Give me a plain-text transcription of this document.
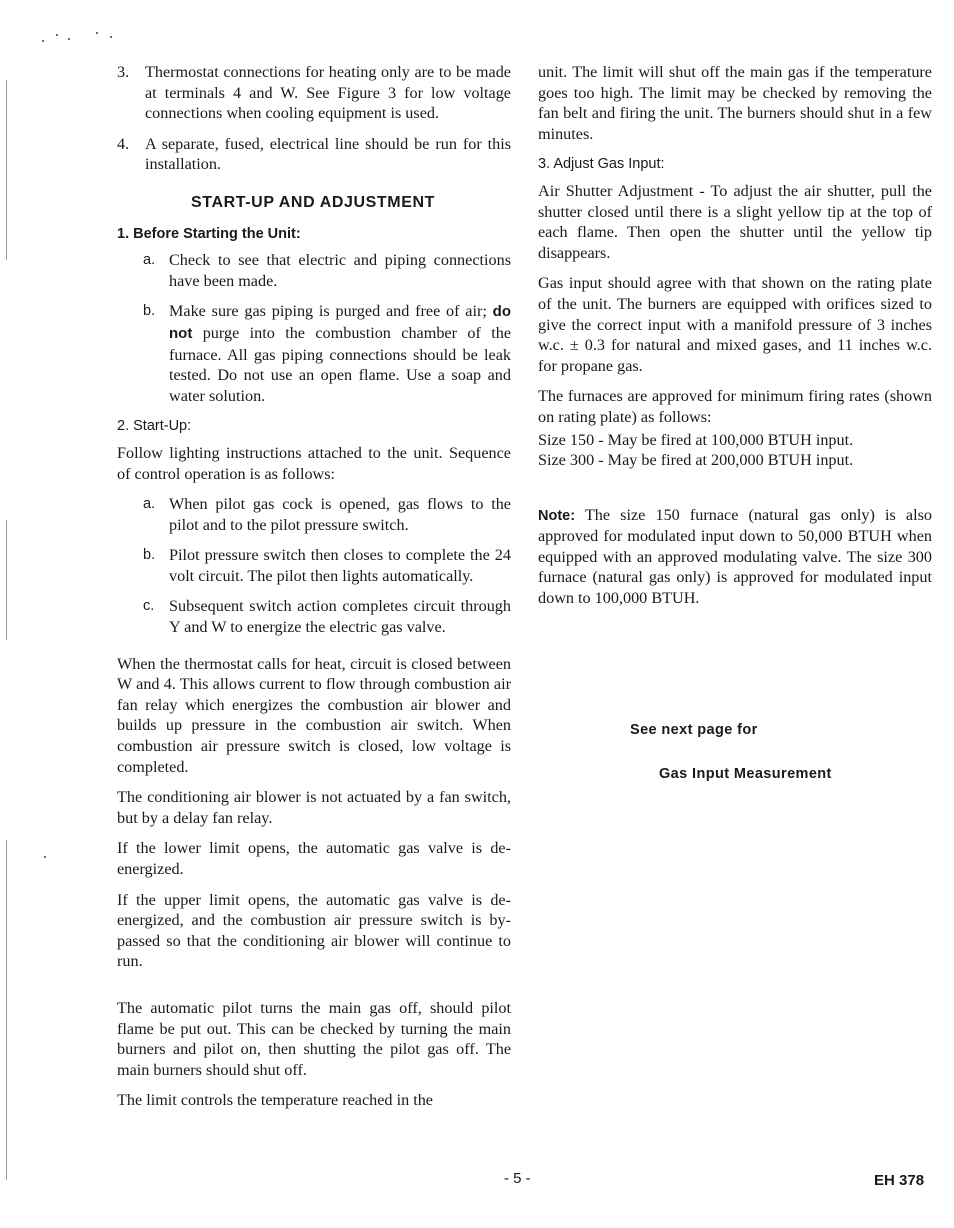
3. Thermostat connections for heating only are to be made at terminals 4 and W. See Figure 3 for low voltage connections when cooling equipment is used.
4. A separate, fused, electrical line should be run for this installation.
START-UP AND ADJUSTMENT
1. Before Starting the Unit:
a. Check to see that electric and piping connections have been made.
b. Make sure gas piping is purged and free of air; do not purge into the combustion chamber of the furnace. All gas piping connections should be leak tested. Do not use an open flame. Use a soap and water solution.
2. Start-Up:

Follow lighting instructions attached to the unit. Sequence of control operation is as follows:

a. When pilot gas cock is opened, gas flows to the pilot and to the pilot pressure switch.
b. Pilot pressure switch then closes to complete the 24 volt circuit. The pilot then lights automatically.
c. Subsequent switch action completes circuit through Y and W to energize the electric gas valve.

When the thermostat calls for heat, circuit is closed between W and 4. This allows current to flow through combustion air fan relay which energizes the combustion air blower and builds up pressure in the combustion air switch. When combustion air pressure switch is closed, low voltage is completed.

The conditioning air blower is not actuated by a fan switch, but by a delay fan relay.

If the lower limit opens, the automatic gas valve is de-energized.

If the upper limit opens, the automatic gas valve is de-energized, and the combustion air pressure switch is by-passed so that the conditioning air blower will continue to run.

The automatic pilot turns the main gas off, should pilot flame be put out. This can be checked by turning the main burners and pilot on, then shutting the pilot gas off. The main burners should shut off.

The limit controls the temperature reached in the

unit. The limit will shut off the main gas if the temperature goes too high. The limit may be checked by removing the fan belt and firing the unit. The burners should shut in a few minutes.

3. Adjust Gas Input:

Air Shutter Adjustment - To adjust the air shutter, pull the shutter closed until there is a slight yellow tip at the top of each flame. Then open the shutter until the yellow tip disappears.

Gas input should agree with that shown on the rating plate of the unit. The burners are equipped with orifices sized to give the correct input with a manifold pressure of 3 inches w.c. ± 0.3 for natural and mixed gases, and 11 inches w.c. for propane gas.

The furnaces are approved for minimum firing rates (shown on rating plate) as follows:

Size 150 - May be fired at 100,000 BTUH input.
Size 300 - May be fired at 200,000 BTUH input.

Note: The size 150 furnace (natural gas only) is also approved for modulated input down to 50,000 BTUH when equipped with an approved modulating valve. The size 300 furnace (natural gas only) is approved for modulated input down to 100,000 BTUH.

See next page for
Gas Input Measurement
- 5 -	EH 378
